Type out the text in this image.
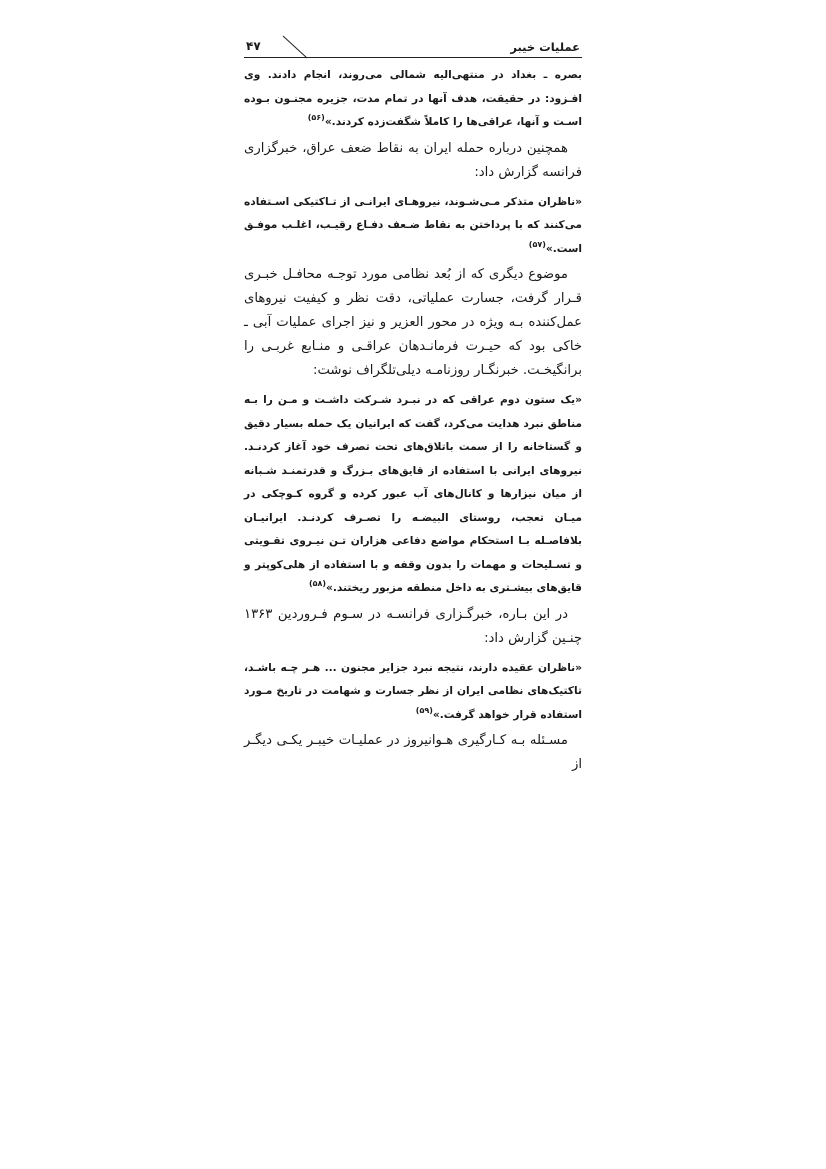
عملیات خیبر
۴۷

بصره ـ بغداد در منتهی‌الیه شمالی می‌روند، انجام دادند. وی افـزود: در حقیقت، هدف آنها در تمام مدت، جزیره مجنـون بـوده اسـت و آنها، عراقی‌ها را کاملاً شگفت‌زده کردند.»$^{(۵۶)}$

همچنین درباره حمله ایران به نقاط ضعف عراق، خبرگزاری فرانسه گزارش داد:

«ناظران متذکر مـی‌شـوند، نیروهـای ایرانـی از تـاکتیکی اسـتفاده می‌کنند که با پرداختن به نقاط ضـعف دفـاع رقیـب، اغلـب موفـق است.»$^{(۵۷)}$

موضوع دیگری که از بُعد نظامی مورد توجـه محافـل خبـری قـرار گرفت، جسارت عملیاتی، دقت نظر و کیفیت نیروهای عمل‌کننده بـه ویژه در محور العزیر و نیز اجرای عملیات آبی ـ خاکی بود که حیـرت فرمانـدهان عراقـی و منـابع غربـی را برانگیخـت. خبرنگـار روزنامـه دیلی‌تلگراف نوشت:

«یک ستون دوم عراقی که در نبـرد شـرکت داشـت و مـن را بـه مناطق نبرد هدایت می‌کرد، گفت که ایرانیان یک حمله بسیار دقیق و گستاخانه را از سمت باتلاق‌های تحت تصرف خود آغاز کردنـد. نیروهای ایرانی با استفاده از قایق‌های بـزرگ و قدرتمنـد شـبانه از میان نیزارها و کانال‌های آب عبور کرده و گروه کـوچکی در میـان تعجب، روستای البیضـه را تصـرف کردنـد. ایرانیـان بلافاصـله بـا استحکام مواضع دفاعی هزاران تـن نیـروی تقـویتی و تسـلیحات و مهمات را بدون وقفه و با استفاده از هلی‌کوپتر و قایق‌های بیشـتری به داخل منطقه مزبور ریختند.»$^{(۵۸)}$

در این بـاره، خبرگـزاری فرانسـه در سـوم فـروردین ۱۳۶۳ چنـین گزارش داد:

«ناظران عقیده دارند، نتیجه نبرد جزایر مجنون ... هـر چـه باشـد، تاکتیک‌های نظامی ایران از نظر جسارت و شهامت در تاریخ مـورد استفاده قرار خواهد گرفت.»$^{(۵۹)}$

مسـئله بـه کـارگیری هـوانیروز در عملیـات خیبـر یکـی دیگـر از
